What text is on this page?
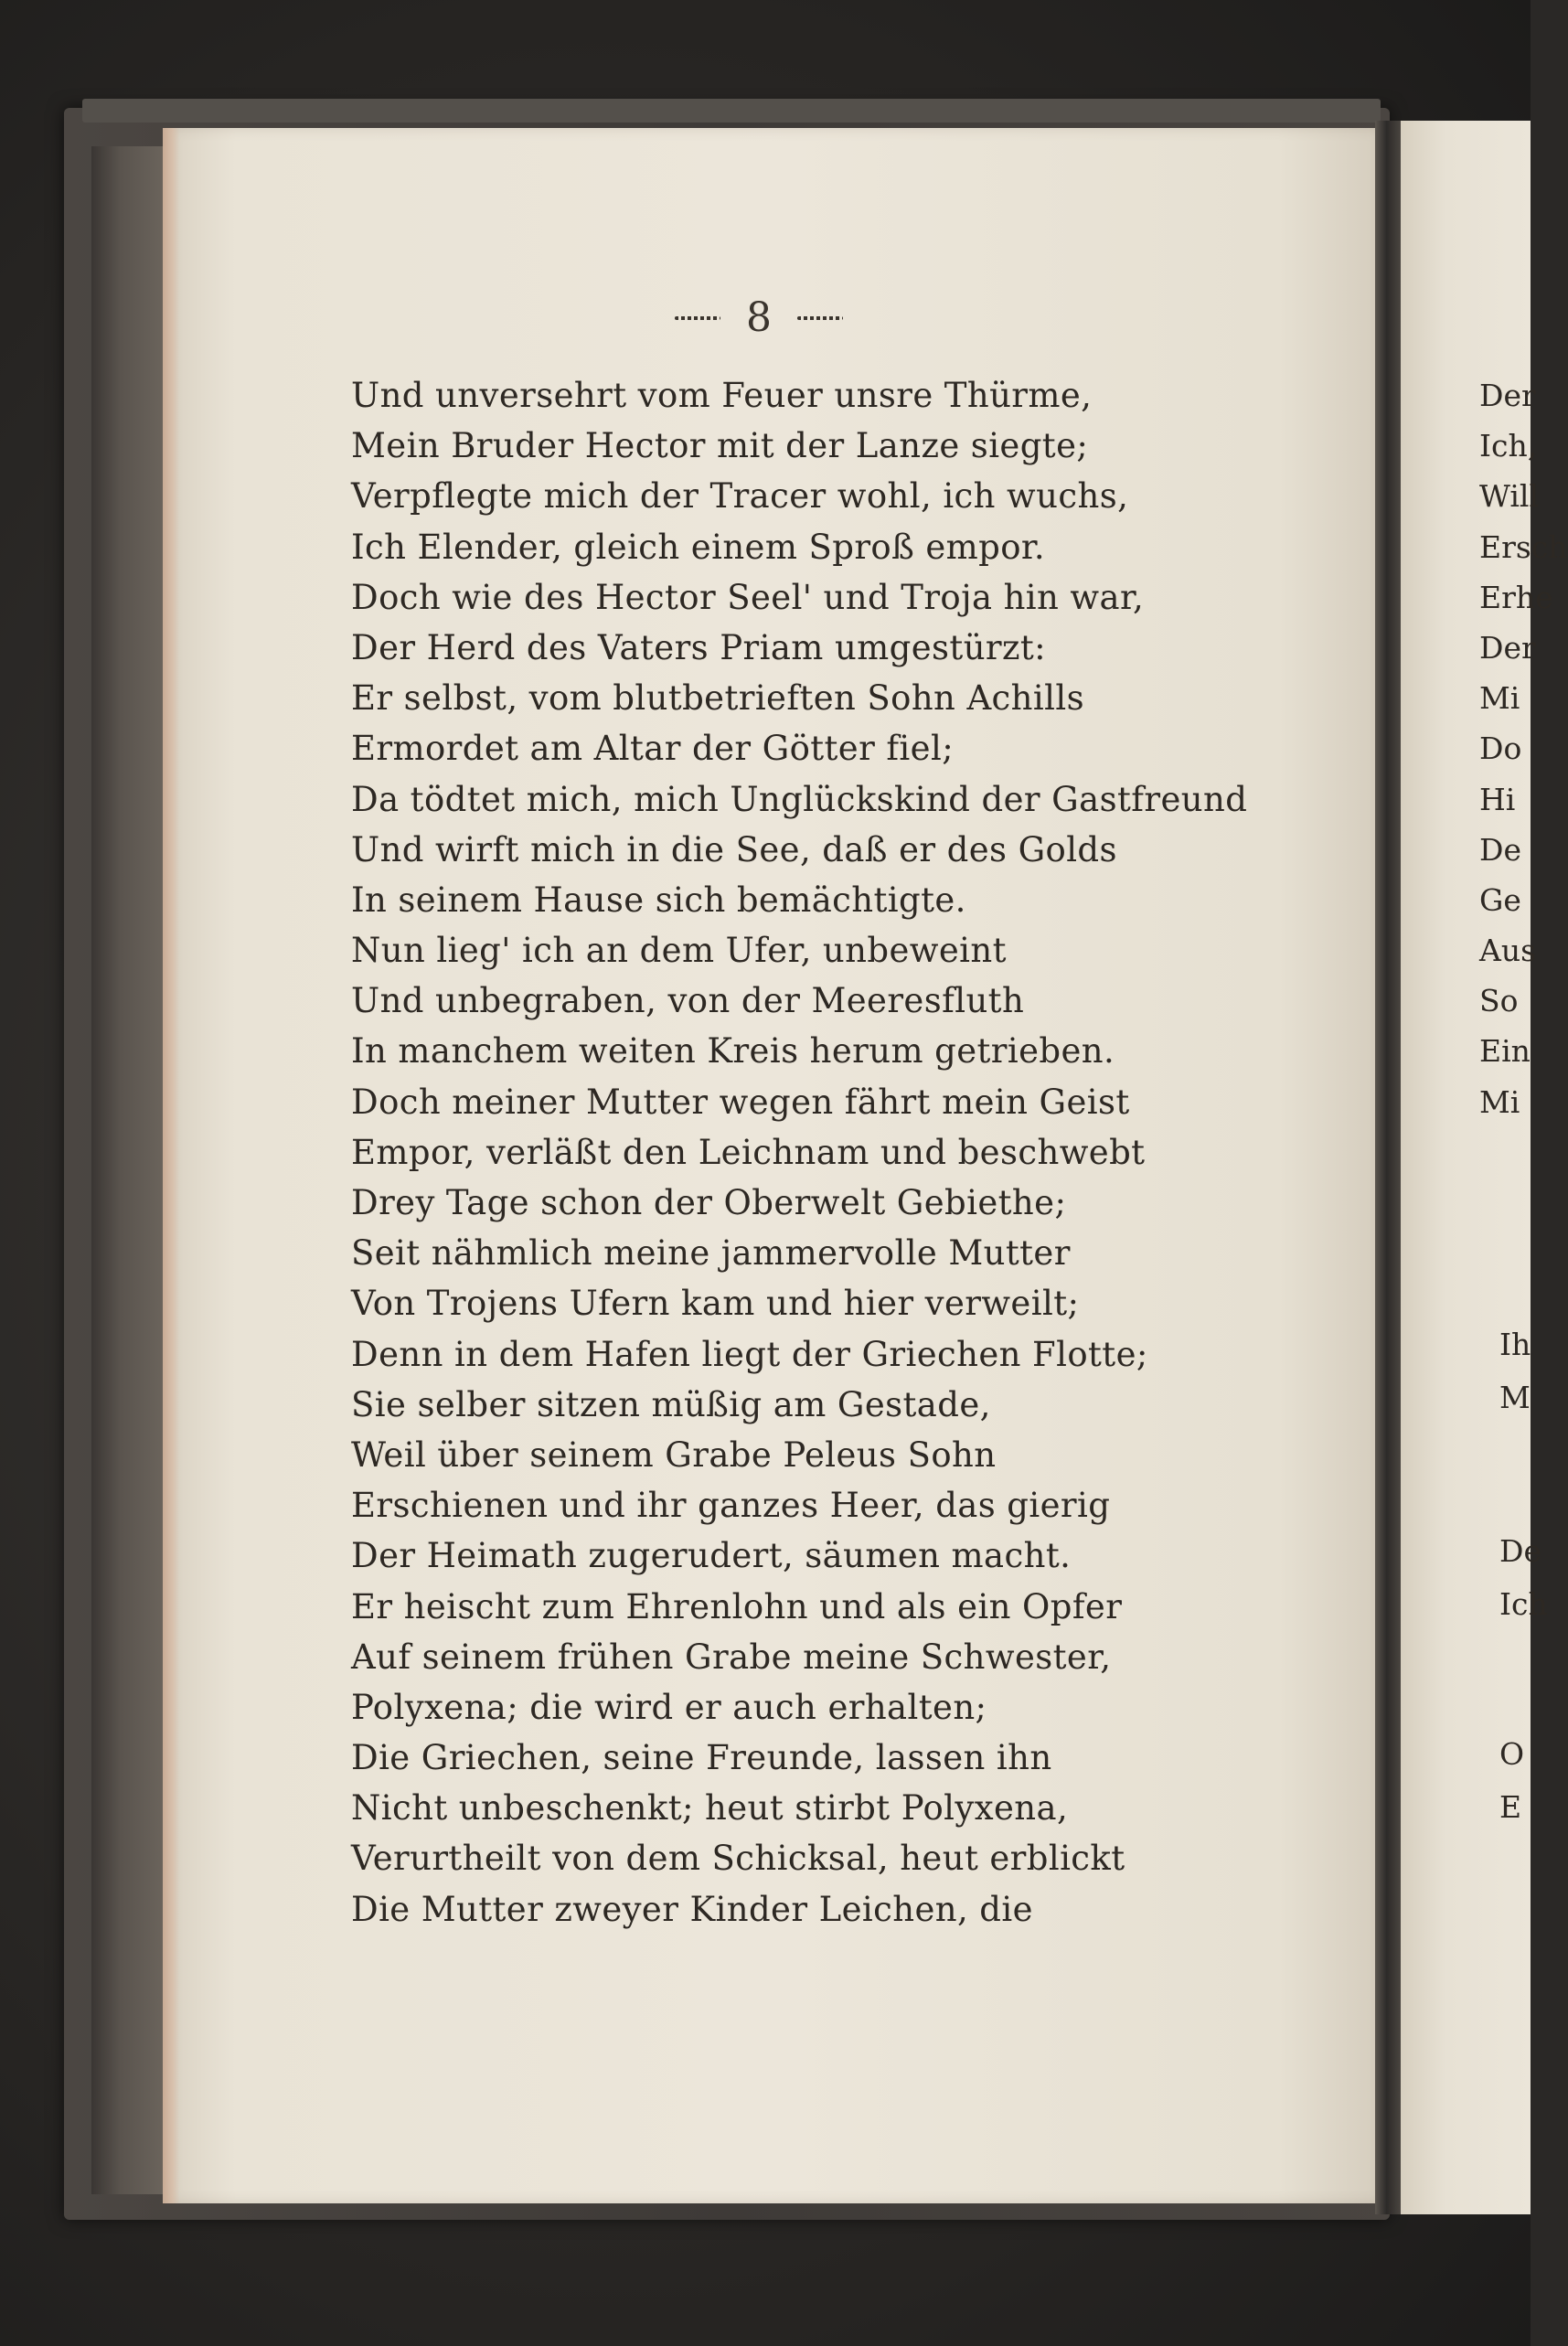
8
Und unversehrt vom Feuer unsre Thürme,
Mein Bruder Hector mit der Lanze siegte;
Verpflegte mich der Tracer wohl, ich wuchs,
Ich Elender, gleich einem Sproß empor.
Doch wie des Hector Seel' und Troja hin war,
Der Herd des Vaters Priam umgestürzt:
Er selbst, vom blutbetrieften Sohn Achills
Ermordet am Altar der Götter fiel;
Da tödtet mich, mich Unglückskind der Gastfreund
Und wirft mich in die See, daß er des Golds
In seinem Hause sich bemächtigte.
Nun lieg' ich an dem Ufer, unbeweint
Und unbegraben, von der Meeresfluth
In manchem weiten Kreis herum getrieben.
Doch meiner Mutter wegen fährt mein Geist
Empor, verläßt den Leichnam und beschwebt
Drey Tage schon der Oberwelt Gebiethe;
Seit nähmlich meine jammervolle Mutter
Von Trojens Ufern kam und hier verweilt;
Denn in dem Hafen liegt der Griechen Flotte;
Sie selber sitzen müßig am Gestade,
Weil über seinem Grabe Peleus Sohn
Erschienen und ihr ganzes Heer, das gierig
Der Heimath zugerudert, säumen macht.
Er heischt zum Ehrenlohn und als ein Opfer
Auf seinem frühen Grabe meine Schwester,
Polyxena; die wird er auch erhalten;
Die Griechen, seine Freunde, lassen ihn
Nicht unbeschenkt; heut stirbt Polyxena,
Verurtheilt von dem Schicksal, heut erblickt
Die Mutter zweyer Kinder Leichen, die
Der
Ich,
Will
Ersch
Erhe
Der
Mi
Do
Hi
De
Ge
Aus
So
Ein
Mi
Ih
M
De
Ich
O
E
